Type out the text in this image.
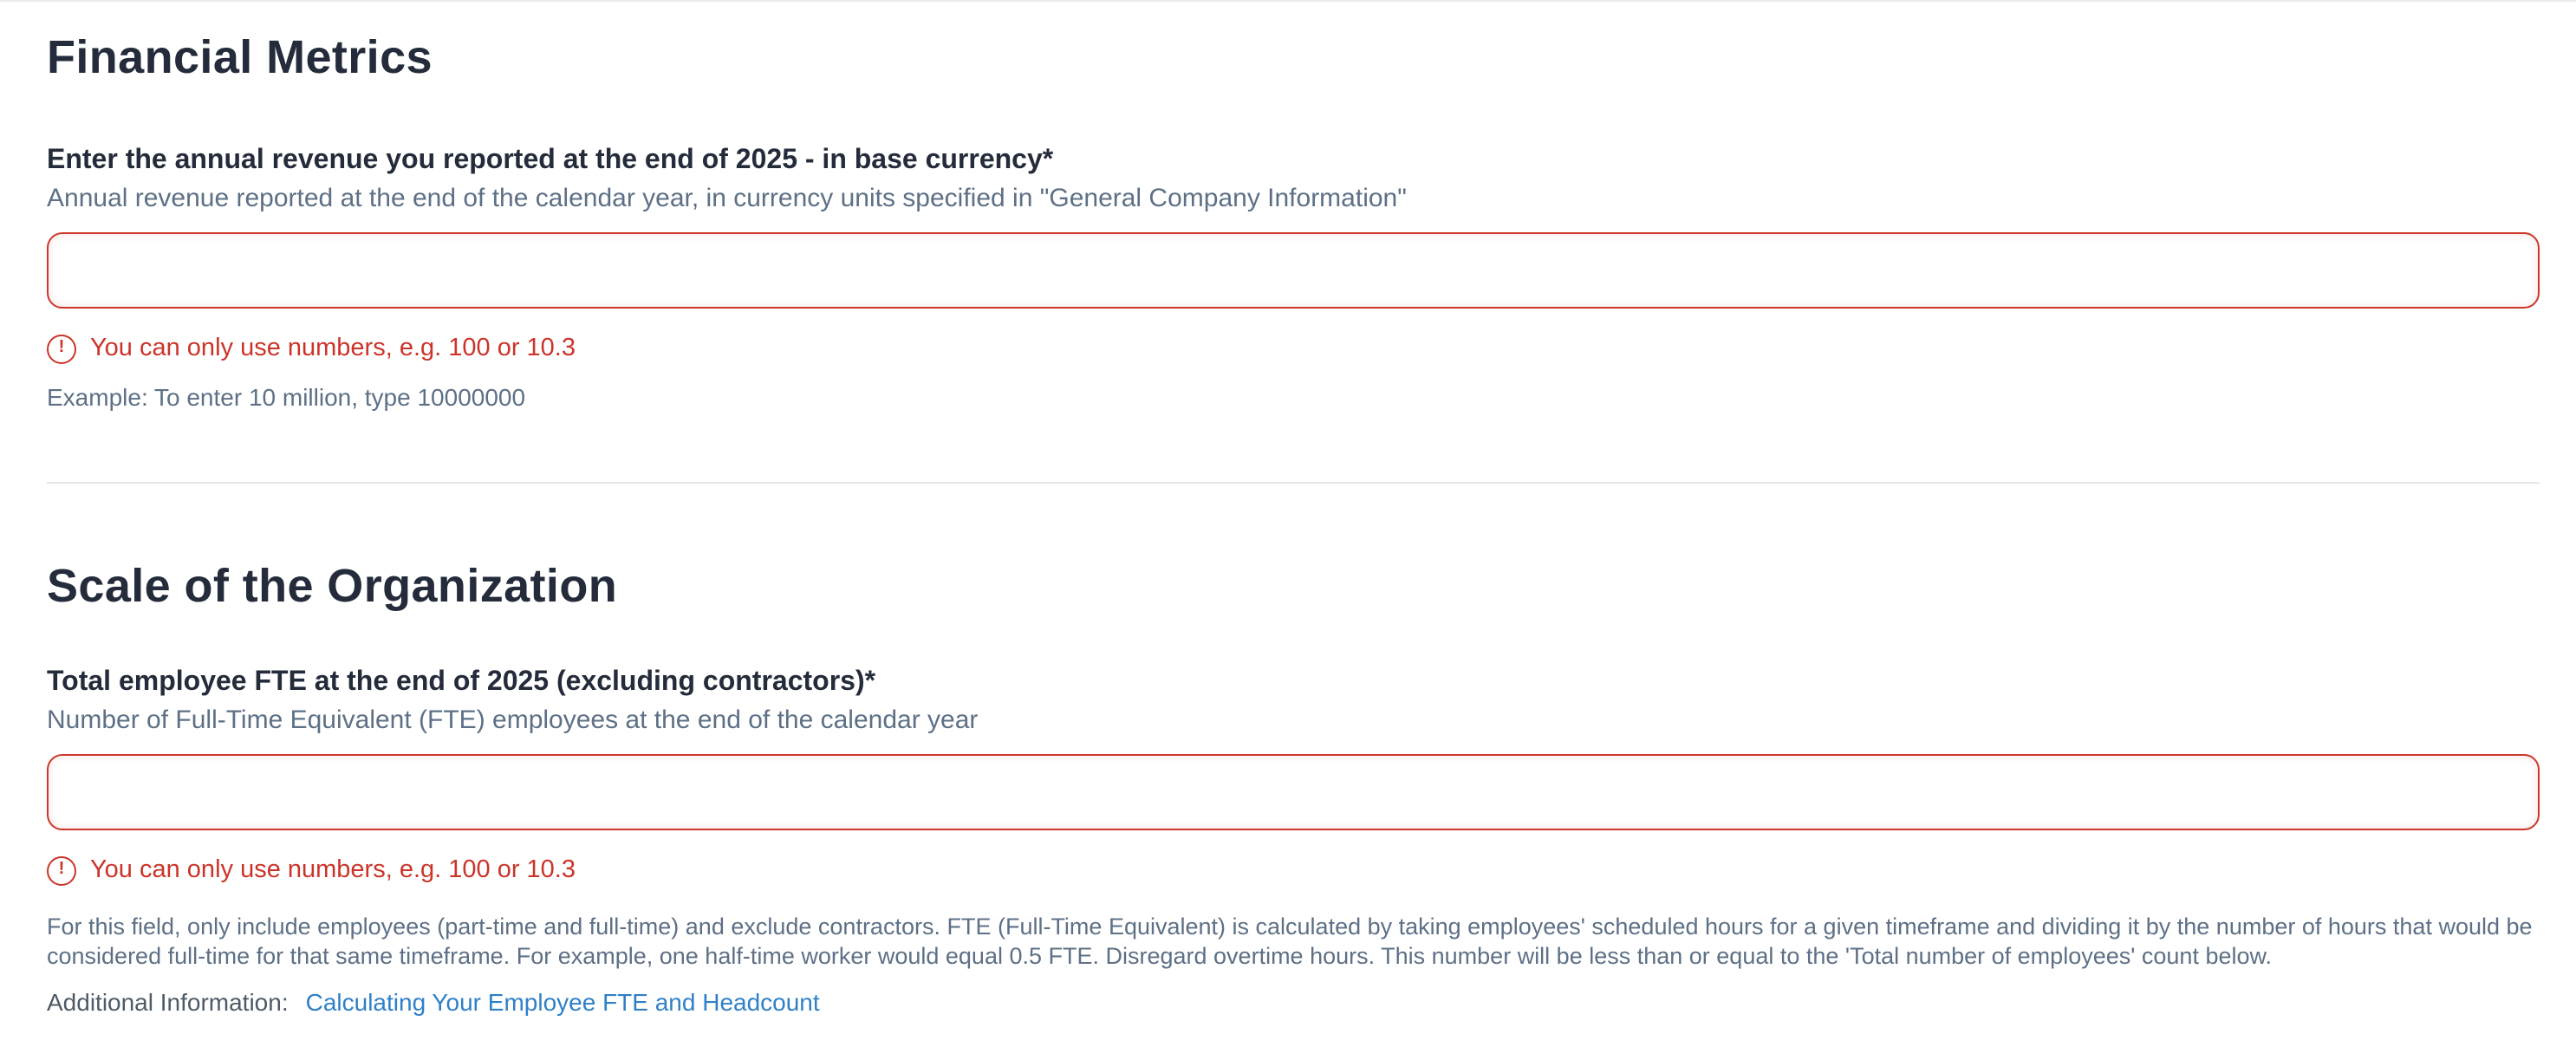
Financial Metrics
Enter the annual revenue you reported at the end of 2025 - in base currency*
Annual revenue reported at the end of the calendar year, in currency units specified in "General Company Information"
!	You can only use numbers, e.g. 100 or 10.3
Example: To enter 10 million, type 10000000
Scale of the Organization
Total employee FTE at the end of 2025 (excluding contractors)*
Number of Full-Time Equivalent (FTE) employees at the end of the calendar year
!	You can only use numbers, e.g. 100 or 10.3
For this field, only include employees (part-time and full-time) and exclude contractors. FTE (Full-Time Equivalent) is calculated by taking employees' scheduled hours for a given timeframe and dividing it by the number of hours that would be considered full-time for that same timeframe. For example, one half-time worker would equal 0.5 FTE. Disregard overtime hours. This number will be less than or equal to the 'Total number of employees' count below.
Additional Information: Calculating Your Employee FTE and Headcount
